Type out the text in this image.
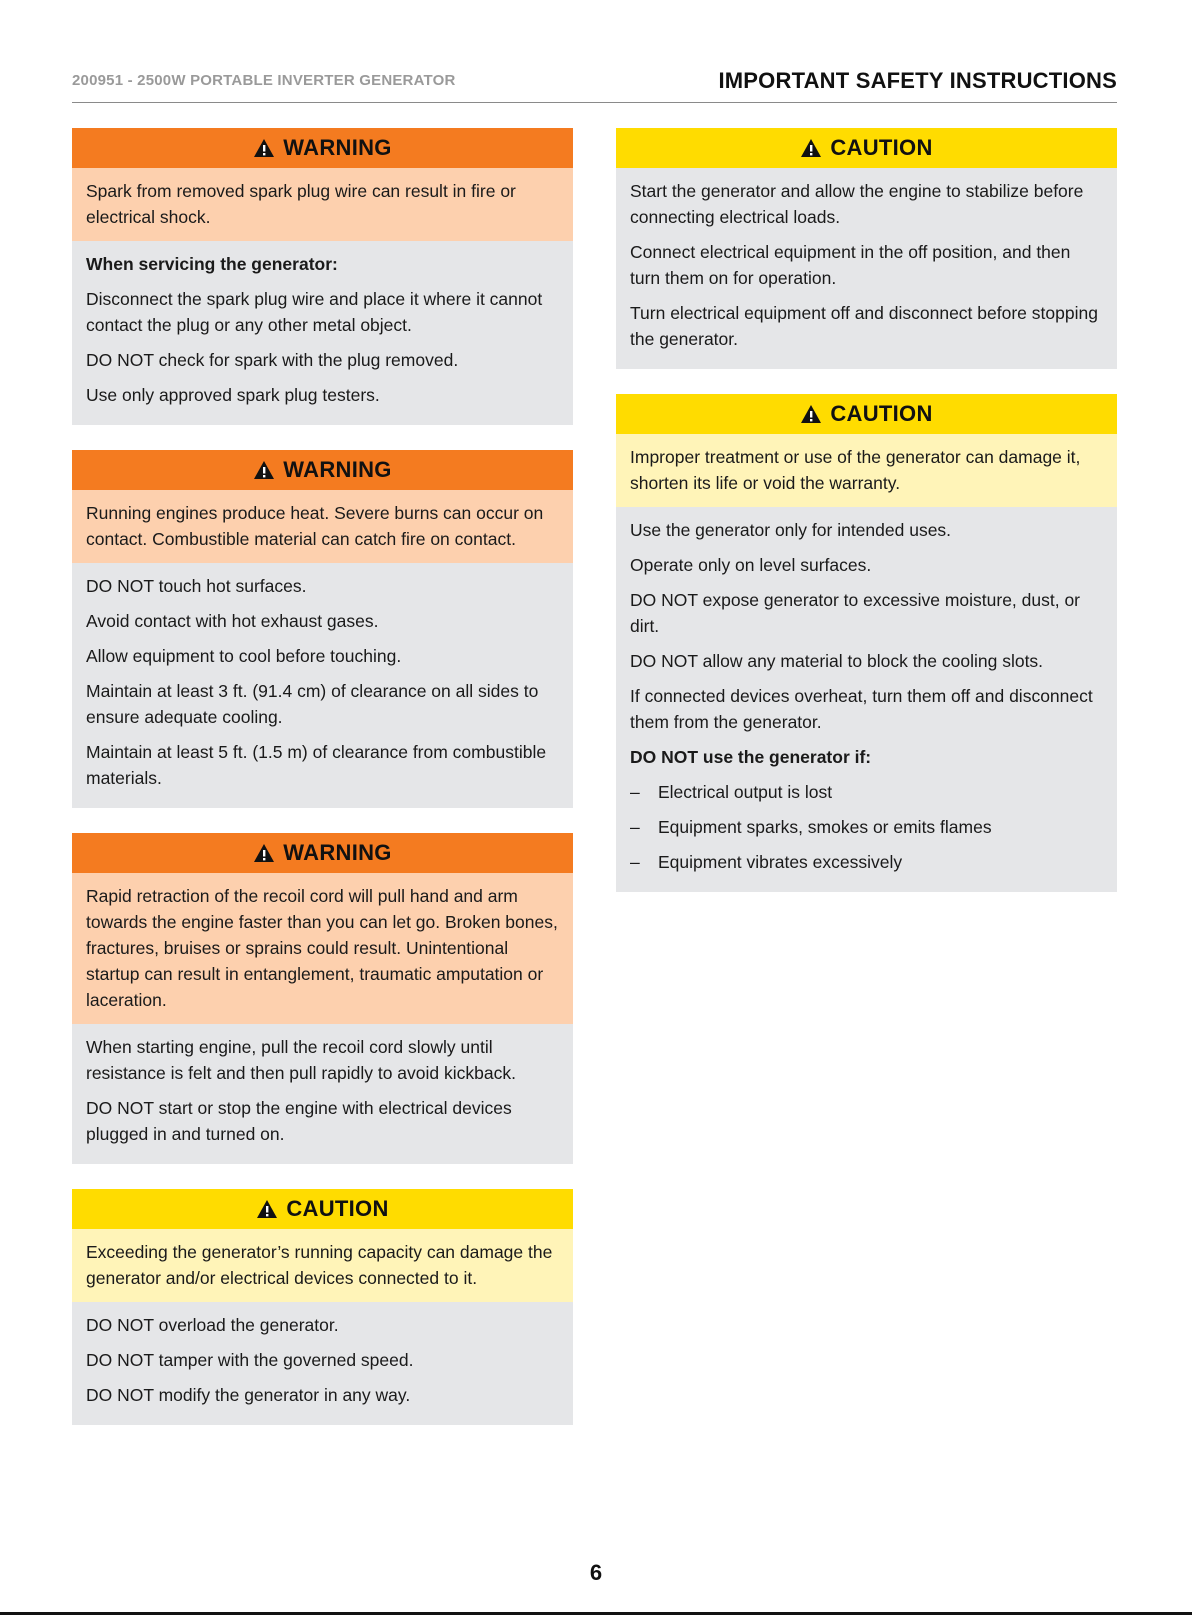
200951 - 2500W PORTABLE INVERTER GENERATOR	IMPORTANT SAFETY INSTRUCTIONS
WARNING
Spark from removed spark plug wire can result in fire or electrical shock.

When servicing the generator:

Disconnect the spark plug wire and place it where it cannot contact the plug or any other metal object.

DO NOT check for spark with the plug removed.

Use only approved spark plug testers.

WARNING
Running engines produce heat. Severe burns can occur on contact. Combustible material can catch fire on contact.

DO NOT touch hot surfaces.

Avoid contact with hot exhaust gases.

Allow equipment to cool before touching.

Maintain at least 3 ft. (91.4 cm) of clearance on all sides to ensure adequate cooling.

Maintain at least 5 ft. (1.5 m) of clearance from combustible materials.

WARNING
Rapid retraction of the recoil cord will pull hand and arm towards the engine faster than you can let go. Broken bones, fractures, bruises or sprains could result. Unintentional startup can result in entanglement, traumatic amputation or laceration.

When starting engine, pull the recoil cord slowly until resistance is felt and then pull rapidly to avoid kickback.

DO NOT start or stop the engine with electrical devices plugged in and turned on.

CAUTION
Exceeding the generator’s running capacity can damage the generator and/or electrical devices connected to it.

DO NOT overload the generator.

DO NOT tamper with the governed speed.

DO NOT modify the generator in any way.

CAUTION

Start the generator and allow the engine to stabilize before connecting electrical loads.

Connect electrical equipment in the off position, and then turn them on for operation.

Turn electrical equipment off and disconnect before stopping the generator.

CAUTION
Improper treatment or use of the generator can damage it, shorten its life or void the warranty.

Use the generator only for intended uses.

Operate only on level surfaces.

DO NOT expose generator to excessive moisture, dust, or dirt.

DO NOT allow any material to block the cooling slots.

If connected devices overheat, turn them off and disconnect them from the generator.

DO NOT use the generator if:

–	Electrical output is lost
–	Equipment sparks, smokes or emits flames
–	Equipment vibrates excessively
6
